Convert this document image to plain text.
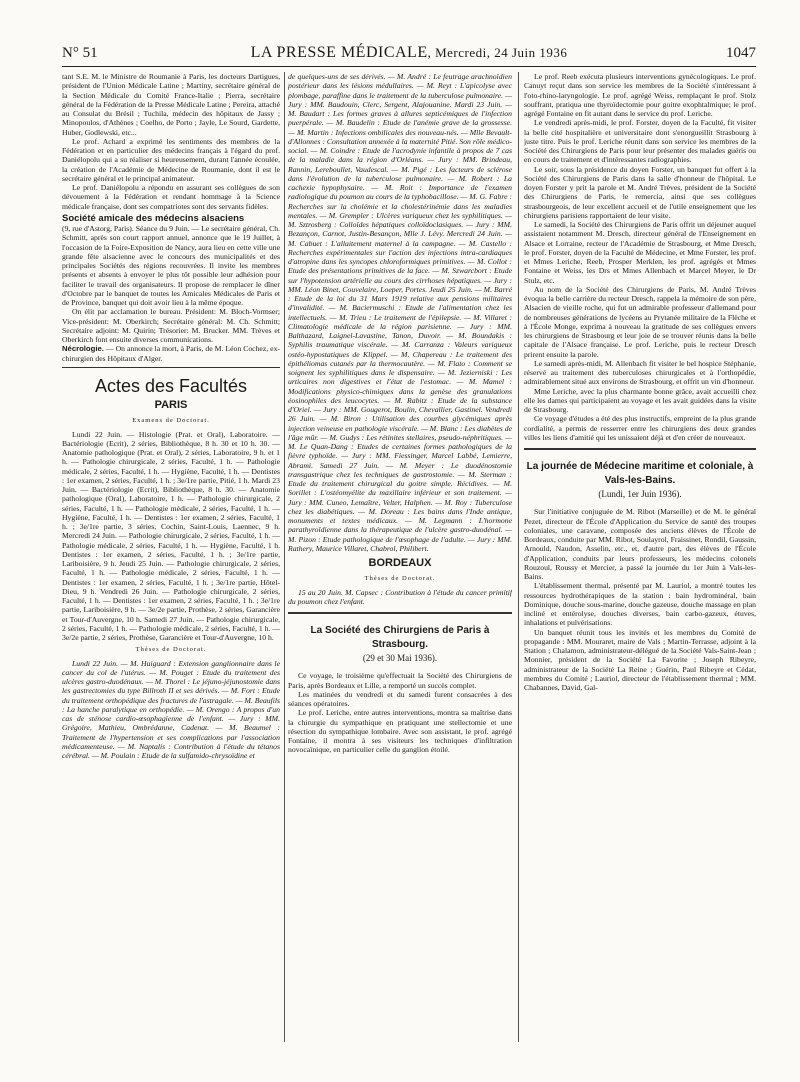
N° 51	LA PRESSE MÉDICALE, Mercredi, 24 Juin 1936	1047

tant S.E. M. le Ministre de Roumanie à Paris, les docteurs Dartigues, président de l'Union Médicale Latine ; Martiny, secrétaire général de la Section Médicale du Comité France-Italie ; Pierra, secrétaire général de la Fédération de la Presse Médicale Latine ; Pereira, attaché au Consulat du Brésil ; Tuchila, médecin des hôpitaux de Jassy ; Minopoulos, d'Athènes ; Coelho, de Porto ; Jayle, Le Sourd, Gardette, Huber, Godlewski, etc...

Le prof. Achard a exprimé les sentiments des membres de la Fédération et en particulier des médecins français à l'égard du prof. Daniélopolu qui a su réaliser si heureusement, durant l'année écoulée, la création de l'Académie de Médecine de Roumanie, dont il est le secrétaire général et le principal animateur.

Le prof. Daniélopolu a répondu en assurant ses collègues de son dévouement à la Fédération et rendant hommage à la Science médicale française, dont ses compatriotes sont des servants fidèles.

Société amicale des médecins alsaciens

(9, rue d'Astorg, Paris). Séance du 9 Juin. — Le secrétaire général, Ch. Schmitt, après son court rapport annuel, annonce que le 19 Juillet, à l'occasion de la Foire-Exposition de Nancy, aura lieu en cette ville une grande fête alsacienne avec le concours des municipalités et des principales Sociétés des régions recouvrées. Il invite les membres présents et absents à envoyer le plus tôt possible leur adhésion pour faciliter le travail des organisateurs. Il propose de remplacer le dîner d'Octobre par le banquet de toutes les Amicales Médicales de Paris et de Province, banquet qui doit avoir lieu à la même époque.

On élit par acclamation le bureau. Président: M. Bloch-Vormser; Vice-président: M. Oberkirch; Secrétaire général: M. Ch. Schmitt; Secrétaire adjoint: M. Quirin; Trésorier: M. Brucker. MM. Trèves et Oberkirch font ensuite diverses communications.

Nécrologie. — On annonce la mort, à Paris, de M. Léon Cochez, ex-chirurgien des Hôpitaux d'Alger.

Actes des Facultés
PARIS
Examens de Doctorat.

Lundi 22 Juin. — Histologie (Prat. et Oral), Laboratoire. — Bactériologie (Ecrit), 2 séries, Bibliothèque, 8 h. 30 et 10 h. 30. — Anatomie pathologique (Prat. et Oral), 2 séries, Laboratoire, 9 h. et 1 h. — Pathologie chirurgicale, 2 séries, Faculté, 1 h. — Pathologie médicale, 2 séries, Faculté, 1 h. — Hygiène, Faculté, 1 h. — Dentistes : 1er examen, 2 séries, Faculté, 1 h. ; 3e/1re partie, Pitié, 1 h. Mardi 23 Juin. — Bactériologie (Ecrit), Bibliothèque, 8 h. 30. — Anatomie pathologique (Oral), Laboratoire, 1 h. — Pathologie chirurgicale, 2 séries, Faculté, 1 h. — Pathologie médicale, 2 séries, Faculté, 1 h. — Hygiène, Faculté, 1 h. — Dentistes : 1er examen, 2 séries, Faculté, 1 h. ; 3e/1re partie, 3 séries, Cochin, Saint-Louis, Laennec, 9 h. Mercredi 24 Juin. — Pathologie chirurgicale, 2 séries, Faculté, 1 h. — Pathologie médicale, 2 séries, Faculté, 1 h. — Hygiène, Faculté, 1 h. Dentistes : 1er examen, 2 séries, Faculté, 1 h. ; 3e/1re partie, Lariboisière, 9 h. Jeudi 25 Juin. — Pathologie chirurgicale, 2 séries, Faculté, 1 h. — Pathologie médicale, 2 séries, Faculté, 1 h. — Dentistes : 1er examen, 2 séries, Faculté, 1 h. ; 3e/1re partie, Hôtel-Dieu, 9 h. Vendredi 26 Juin. — Pathologie chirurgicale, 2 séries, Faculté, 1 h. — Dentistes : 1er examen, 2 séries, Faculté, 1 h. ; 3e/1re partie, Lariboisière, 9 h. — 3e/2e partie, Prothèse, 2 séries, Garancière et Tour-d'Auvergne, 10 h. Samedi 27 Juin. — Pathologie chirurgicale, 2 séries, Faculté, 1 h. — Pathologie médicale, 2 séries, Faculté, 1 h. — 3e/2e partie, 2 séries, Prothèse, Garancière et Tour-d'Auvergne, 10 h.

Thèses de Doctorat.

Lundi 22 Juin. — M. Huiguard : Extension ganglionnaire dans le cancer du col de l'utérus. — M. Pouget : Etude du traitement des ulcères gastro-duodénaux. — M. Thorel : Le jéjuno-jéjunostomie dans les gastrectomies du type Billroth II et ses dérivés. — M. Fort : Etude du traitement orthopédique des fractures de l'astragale. — M. Beaufils : La hanche paralytique en orthopédie. — M. Orengo : A propos d'un cas de sténose cardio-œsophagienne de l'enfant. — Jury : MM. Grégoire, Mathieu, Ombrédanne, Cadenat. — M. Beaumel : Traitement de l'hypertension et ses complications par l'association médicamenteuse. — M. Naptalis : Contribution à l'étude du tétanos cérébral. — M. Poulain : Etude de la sulfamido-chrysoïdine et

de quelques-uns de ses dérivés. — M. André : Le feutrage arachnoïdien postérieur dans les lésions médullaires. — M. Reyt : L'apicolyse avec plombage, paraffine dans le traitement de la tuberculose pulmonaire. — Jury : MM. Baudouin, Clerc, Sergent, Alajouanine. Mardi 23 Juin. — M. Baudart : Les formes graves à allures septicémiques de l'infection puerpérale. — M. Baudelin : Etude de l'anémie grave de la grossesse. — M. Martin : Infections ombilicales des nouveau-nés. — Mlle Bevault-d'Allonnes : Consultation annexée à la maternité Pitié. Son rôle médico-social. — M. Coindre : Etude de l'acrodynie infantile à propos de 7 cas de la maladie dans la région d'Orléans. — Jury : MM. Brindeau, Rannin, Lereboullet, Vaudescal. — M. Pigé : Les facteurs de sclérose dans l'évolution de la tuberculose pulmonaire. — M. Robert : La cachexie hypophysaire. — M. Roit : Importance de l'examen radiologique du poumon au cours de la typhobacillose. — M. G. Fabre : Recherches sur la cholémie et la cholestérinémie dans les maladies mentales. — M. Grempler : Ulcères variqueux chez les syphilitiques. — M. Sztrosberg : Colloïdes hépatiques colloïdoclasiques. — Jury : MM. Bezançon, Carnot, Justin-Besançon, Mlle J. Lévy. Mercredi 24 Juin. — M. Cabuet : L'allaitement maternel à la campagne. — M. Castello : Recherches expérimentales sur l'action des injections intra-cardiaques d'atropine dans les syncopes chloroformiques primitives. — M. Collot : Etude des présentations primitives de la face. — M. Szwarcbort : Etude sur l'hypotension artérielle au cours des cirrhoses hépatiques. — Jury : MM. Léon Binet, Couvelaire, Loeper, Portes. Jeudi 25 Juin. — M. Barré : Etude de la loi du 31 Mars 1919 relative aux pensions militaires d'invalidité. — M. Baciermuschi : Etude de l'alimentation chez les intellectuels. — M. Trieu : Le traitement de l'épilepsie. — M. Villaret : Climatologie médicale de la région parisienne. — Jury : MM. Balthazard, Laignel-Lavastine, Tanon, Duvoir. — M. Boundakis : Syphilis traumatique viscérale. — M. Carranza : Valeurs variqueux ostéo-hypostatiques de Klippel. — M. Chapereau : Le traitement des épithéliomas cutanés par la thermocautère. — M. Flato : Comment se soignent les syphilitiques dans le dispensaire. — M. Jezierniski : Les urticaires non digestives et l'état de l'estomac. — M. Mamel : Modifications physico-chimiques dans la genèse des granulations éosinophiles des leucocytes. — M. Rabitz : Etude de la substance d'Oriel. — Jury : MM. Gougerot, Boulin, Chevallier, Gastinel. Vendredi 26 Juin. — M. Biron : Utilisation des courbes glycémiques après injection veineuse en pathologie viscérale. — M. Blanc : Les diabètes de l'âge mûr. — M. Gudys : Les rétinites stellaires, pseudo-néphritiques. — M. Le Quan-Dang : Etudes de certaines formes pathologiques de la fièvre typhoïde. — Jury : MM. Fiessinger, Marcel Labbé, Lemierre, Abrami. Samedi 27 Juin. — M. Meyer : Le duodénostomie transgastrique chez les techniques de gastrostomie. — M. Sterman : Etude du traitement chirurgical du goitre simple. Récidives. — M. Sorillet : L'ostéomyélite du maxillaire inférieur et son traitement. — Jury : MM. Cuneo, Lemaître, Velter, Halphen. — M. Roy : Tuberculose chez les diabétiques. — M. Doreau : Les bains dans l'Inde antique, monuments et textes médicaux. — M. Legmann : L'hormone parathyroïdienne dans la thérapeutique de l'ulcère gastro-duodénal. — M. Pizon : Etude pathologique de l'œsophage de l'adulte. — Jury : MM. Rathery, Maurice Villaret, Chabrol, Philibert.

BORDEAUX
Thèses de Doctorat.

15 au 20 Juin. M. Capsec : Contribution à l'étude du cancer primitif du poumon chez l'enfant.

La Société des Chirurgiens de Paris à Strasbourg.
(29 et 30 Mai 1936).

Ce voyage, le troisième qu'effectuait la Société des Chirurgiens de Paris, après Bordeaux et Lille, a remporté un succès complet.

Les matinées du vendredi et du samedi furent consacrées à des séances opératoires.

Le prof. Leriche, entre autres interventions, montra sa maîtrise dans la chirurgie du sympathique en pratiquant une stellectomie et une résection du sympathique lombaire. Avec son assistant, le prof. agrégé Fontaine, il montra à ses visiteurs les techniques d'infiltration novocaïnique, en particulier celle du ganglion étoilé.

Le prof. Reeb exécuta plusieurs interventions gynécologiques. Le prof. Canuyt reçut dans son service les membres de la Société s'intéressant à l'oto-rhino-laryngologie. Le prof. agrégé Weiss, remplaçant le prof. Stolz souffrant, pratiqua une thyroïdectomie pour goitre exophtalmique; le prof. agrégé Fontaine en fit autant dans le service du prof. Leriche.

Le vendredi après-midi, le prof. Forster, doyen de la Faculté, fit visiter la belle cité hospitalière et universitaire dont s'enorgueillit Strasbourg à juste titre. Puis le prof. Leriche réunit dans son service les membres de la Société des Chirurgiens de Paris pour leur présenter des malades guéris ou en cours de traitement et d'intéressantes radiographies.

Le soir, sous la présidence du doyen Forster, un banquet fut offert à la Société des Chirurgiens de Paris dans la salle d'honneur de l'hôpital. Le doyen Forster y prit la parole et M. André Trèves, président de la Société des Chirurgiens de Paris, le remercia, ainsi que ses collègues strasbourgeois, de leur excellent accueil et de l'utile enseignement que les chirurgiens parisiens rapportaient de leur visite.

Le samedi, la Société des Chirurgiens de Paris offrit un déjeuner auquel assistaient notamment M. Dresch, directeur général de l'Enseignement en Alsace et Lorraine, recteur de l'Académie de Strasbourg, et Mme Dresch, le prof. Forster, doyen de la Faculté de Médecine, et Mme Forster, les prof. et Mmes Leriche, Reeb, Prosper Merklen, les prof. agrégés et Mmes Fontaine et Weiss, les Drs et Mmes Allenbach et Marcel Meyer, le Dr Stulz, etc.

Au nom de la Société des Chirurgiens de Paris, M. André Trèves évoqua la belle carrière du recteur Dresch, rappela la mémoire de son père, Alsacien de vieille roche, qui fut un admirable professeur d'allemand pour de nombreuses générations de lycéens au Prytanée militaire de la Flèche et à l'École Monge, exprima à nouveau la gratitude de ses collègues envers les chirurgiens de Strasbourg et leur joie de se trouver réunis dans la belle capitale de l'Alsace française. Le prof. Leriche, puis le recteur Dresch prirent ensuite la parole.

Le samedi après-midi, M. Allenbach fit visiter le bel hospice Stéphanie, réservé au traitement des tuberculoses chirurgicales et à l'orthopédie, admirablement situé aux environs de Strasbourg, et offrit un vin d'honneur.

Mme Leriche, avec la plus charmante bonne grâce, avait accueilli chez elle les dames qui participaient au voyage et les avait guidées dans la visite de Strasbourg.

Ce voyage d'études a été des plus instructifs, empreint de la plus grande cordialité, a permis de resserrer entre les chirurgiens des deux grandes villes les liens d'amitié qui les unissaient déjà et d'en créer de nouveaux.

La journée de Médecine maritime et coloniale, à Vals-les-Bains.
(Lundi, 1er Juin 1936).

Sur l'initiative conjuguée de M. Ribot (Marseille) et de M. le général Pezet, directeur de l'École d'Application du Service de santé des troupes coloniales, une caravane, composée des anciens élèves de l'École de Bordeaux, conduite par MM. Ribot, Soulayrol, Fraissinet, Rondil, Gaussin, Arnould, Naudon, Asselin, etc., et, d'autre part, des élèves de l'École d'Application, conduits par leurs professeurs, les médecins colonels Rouzoul, Roussy et Mercier, a passé la journée du 1er Juin à Vals-les-Bains.

L'établissement thermal, présenté par M. Lauriol, a montré toutes les ressources hydrothérapiques de la station : bain hydrominéral, bain Dominique, douche sous-marine, douche gazeuse, douche massage en plan incliné et entérolyse, douches diverses, bain carbo-gazeux, étuves, inhalations et pulvérisations.

Un banquet réunit tous les invités et les membres du Comité de propagande : MM. Mouraret, maire de Vals ; Martin-Terrasse, adjoint à la Station ; Chalamon, administrateur-délégué de la Société Vals-Saint-Jean ; Monnier, président de la Société La Favorite ; Joseph Ribeyre, administrateur de la Société La Reine ; Guérin, Paul Ribeyre et Cédat, membres du Comité ; Lauriol, directeur de l'établissement thermal ; MM. Chabannes, David, Gal-
